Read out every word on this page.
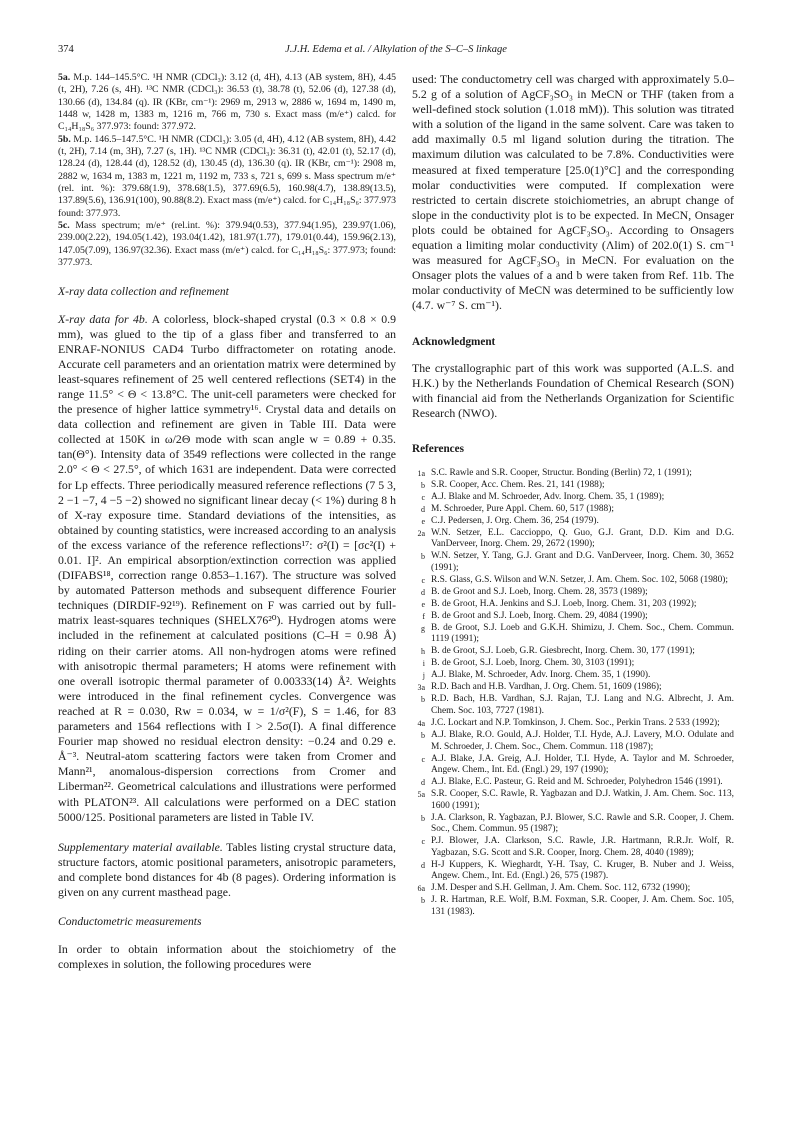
374	J.J.H. Edema et al. / Alkylation of the S–C–S linkage

5a. M.p. 144–145.5°C. ¹H NMR (CDCl₃): 3.12 (d, 4H), 4.13 (AB system, 8H), 4.45 (t, 2H), 7.26 (s, 4H). ¹³C NMR (CDCl₃): 36.53 (t), 38.78 (t), 52.06 (d), 127.38 (d), 130.66 (d), 134.84 (q). IR (KBr, cm⁻¹): 2969 m, 2913 w, 2886 w, 1694 m, 1490 m, 1448 w, 1428 m, 1383 m, 1216 m, 766 m, 730 s. Exact mass (m/e⁺) calcd. for C₁₄H₁₈S₆ 377.973: found: 377.972.

5b. M.p. 146.5–147.5°C. ¹H NMR (CDCl₃): 3.05 (d, 4H), 4.12 (AB system, 8H), 4.42 (t, 2H), 7.14 (m, 3H), 7.27 (s, 1H). ¹³C NMR (CDCl₃): 36.31 (t), 42.01 (t), 52.17 (d), 128.24 (d), 128.44 (d), 128.52 (d), 130.45 (d), 136.30 (q). IR (KBr, cm⁻¹): 2908 m, 2882 w, 1634 m, 1383 m, 1221 m, 1192 m, 733 s, 721 s, 699 s. Mass spectrum m/e⁺ (rel. int. %): 379.68(1.9), 378.68(1.5), 377.69(6.5), 160.98(4.7), 138.89(13.5), 137.89(5.6), 136.91(100), 90.88(8.2). Exact mass (m/e⁺) calcd. for C₁₄H₁₈S₆: 377.973 found: 377.973.

5c. Mass spectrum; m/e⁺ (rel.int. %): 379.94(0.53), 377.94(1.95), 239.97(1.06), 239.00(2.22), 194.05(1.42), 193.04(1.42), 181.97(1.77), 179.01(0.44), 159.96(2.13), 147.05(7.09), 136.97(32.36). Exact mass (m/e⁺) calcd. for C₁₄H₁₈S₆: 377.973; found: 377.973.

X-ray data collection and refinement

X-ray data for 4b. A colorless, block-shaped crystal (0.3 × 0.8 × 0.9 mm), was glued to the tip of a glass fiber and transferred to an ENRAF-NONIUS CAD4 Turbo diffractometer on rotating anode. Accurate cell parameters and an orientation matrix were determined by least-squares refinement of 25 well centered reflections (SET4) in the range 11.5° < Θ < 13.8°C. The unit-cell parameters were checked for the presence of higher lattice symmetry¹⁶. Crystal data and details on data collection and refinement are given in Table III. Data were collected at 150K in ω/2Θ mode with scan angle w = 0.89 + 0.35. tan(Θ°). Intensity data of 3549 reflections were collected in the range 2.0° < Θ < 27.5°, of which 1631 are independent. Data were corrected for Lp effects. Three periodically measured reference reflections (7 5 3, 2 −1 −7, 4 −5 −2) showed no significant linear decay (< 1%) during 8 h of X-ray exposure time. Standard deviations of the intensities, as obtained by counting statistics, were increased according to an analysis of the excess variance of the reference reflections¹⁷: σ²(I) = [σc²(I) + 0.01. I]². An empirical absorption/extinction correction was applied (DIFABS¹⁸, correction range 0.853–1.167). The structure was solved by automated Patterson methods and subsequent difference Fourier techniques (DIRDIF-92¹⁹). Refinement on F was carried out by full-matrix least-squares techniques (SHELX76²⁰). Hydrogen atoms were included in the refinement at calculated positions (C–H = 0.98 Å) riding on their carrier atoms. All non-hydrogen atoms were refined with anisotropic thermal parameters; H atoms were refinement with one overall isotropic thermal parameter of 0.00333(14) Å². Weights were introduced in the final refinement cycles. Convergence was reached at R = 0.030, Rw = 0.034, w = 1/σ²(F), S = 1.46, for 83 parameters and 1564 reflections with I > 2.5σ(I). A final difference Fourier map showed no residual electron density: −0.24 and 0.29 e. Å⁻³. Neutral-atom scattering factors were taken from Cromer and Mann²¹, anomalous-dispersion corrections from Cromer and Liberman²². Geometrical calculations and illustrations were performed with PLATON²³. All calculations were performed on a DEC station 5000/125. Positional parameters are listed in Table IV.

Supplementary material available. Tables listing crystal structure data, structure factors, atomic positional parameters, anisotropic parameters, and complete bond distances for 4b (8 pages). Ordering information is given on any current masthead page.

Conductometric measurements

In order to obtain information about the stoichiometry of the complexes in solution, the following procedures were

used: The conductometry cell was charged with approximately 5.0–5.2 g of a solution of AgCF₃SO₃ in MeCN or THF (taken from a well-defined stock solution (1.018 mM)). This solution was titrated with a solution of the ligand in the same solvent. Care was taken to add maximally 0.5 ml ligand solution during the titration. The maximum dilution was calculated to be 7.8%. Conductivities were measured at fixed temperature [25.0(1)°C] and the corresponding molar conductivities were computed. If complexation were restricted to certain discrete stoichiometries, an abrupt change of slope in the conductivity plot is to be expected. In MeCN, Onsager plots could be obtained for AgCF₃SO₃. According to Onsagers equation a limiting molar conductivity (Λlim) of 202.0(1) S. cm⁻¹ was measured for AgCF₃SO₃ in MeCN. For evaluation on the Onsager plots the values of a and b were taken from Ref. 11b. The molar conductivity of MeCN was determined to be sufficiently low (4.7. w⁻⁷ S. cm⁻¹).

Acknowledgment

The crystallographic part of this work was supported (A.L.S. and H.K.) by the Netherlands Foundation of Chemical Research (SON) with financial aid from the Netherlands Organization for Scientific Research (NWO).

References
1a S.C. Rawle and S.R. Cooper, Structur. Bonding (Berlin) 72, 1 (1991);
b S.R. Cooper, Acc. Chem. Res. 21, 141 (1988);
c A.J. Blake and M. Schroeder, Adv. Inorg. Chem. 35, 1 (1989);
d M. Schroeder, Pure Appl. Chem. 60, 517 (1988);
e C.J. Pedersen, J. Org. Chem. 36, 254 (1979).
2a W.N. Setzer, E.L. Caccioppo, Q. Guo, G.J. Grant, D.D. Kim and D.G. VanDerveer, Inorg. Chem. 29, 2672 (1990);
b W.N. Setzer, Y. Tang, G.J. Grant and D.G. VanDerveer, Inorg. Chem. 30, 3652 (1991);
c R.S. Glass, G.S. Wilson and W.N. Setzer, J. Am. Chem. Soc. 102, 5068 (1980);
d B. de Groot and S.J. Loeb, Inorg. Chem. 28, 3573 (1989);
e B. de Groot, H.A. Jenkins and S.J. Loeb, Inorg. Chem. 31, 203 (1992);
f B. de Groot and S.J. Loeb, Inorg. Chem. 29, 4084 (1990);
g B. de Groot, S.J. Loeb and G.K.H. Shimizu, J. Chem. Soc., Chem. Commun. 1119 (1991);
h B. de Groot, S.J. Loeb, G.R. Giesbrecht, Inorg. Chem. 30, 177 (1991);
i B. de Groot, S.J. Loeb, Inorg. Chem. 30, 3103 (1991);
j A.J. Blake, M. Schroeder, Adv. Inorg. Chem. 35, 1 (1990).
3a R.D. Bach and H.B. Vardhan, J. Org. Chem. 51, 1609 (1986);
b R.D. Bach, H.B. Vardhan, S.J. Rajan, T.J. Lang and N.G. Albrecht, J. Am. Chem. Soc. 103, 7727 (1981).
4a J.C. Lockart and N.P. Tomkinson, J. Chem. Soc., Perkin Trans. 2 533 (1992);
b A.J. Blake, R.O. Gould, A.J. Holder, T.I. Hyde, A.J. Lavery, M.O. Odulate and M. Schroeder, J. Chem. Soc., Chem. Commun. 118 (1987);
c A.J. Blake, J.A. Greig, A.J. Holder, T.I. Hyde, A. Taylor and M. Schroeder, Angew. Chem., Int. Ed. (Engl.) 29, 197 (1990);
d A.J. Blake, E.C. Pasteur, G. Reid and M. Schroeder, Polyhedron 1546 (1991).
5a S.R. Cooper, S.C. Rawle, R. Yagbazan and D.J. Watkin, J. Am. Chem. Soc. 113, 1600 (1991);
b J.A. Clarkson, R. Yagbazan, P.J. Blower, S.C. Rawle and S.R. Cooper, J. Chem. Soc., Chem. Commun. 95 (1987);
c P.J. Blower, J.A. Clarkson, S.C. Rawle, J.R. Hartmann, R.R.Jr. Wolf, R. Yagbazan, S.G. Scott and S.R. Cooper, Inorg. Chem. 28, 4040 (1989);
d H-J Kuppers, K. Wieghardt, Y-H. Tsay, C. Kruger, B. Nuber and J. Weiss, Angew. Chem., Int. Ed. (Engl.) 26, 575 (1987).
6a J.M. Desper and S.H. Gellman, J. Am. Chem. Soc. 112, 6732 (1990);
b J. R. Hartman, R.E. Wolf, B.M. Foxman, S.R. Cooper, J. Am. Chem. Soc. 105, 131 (1983).
